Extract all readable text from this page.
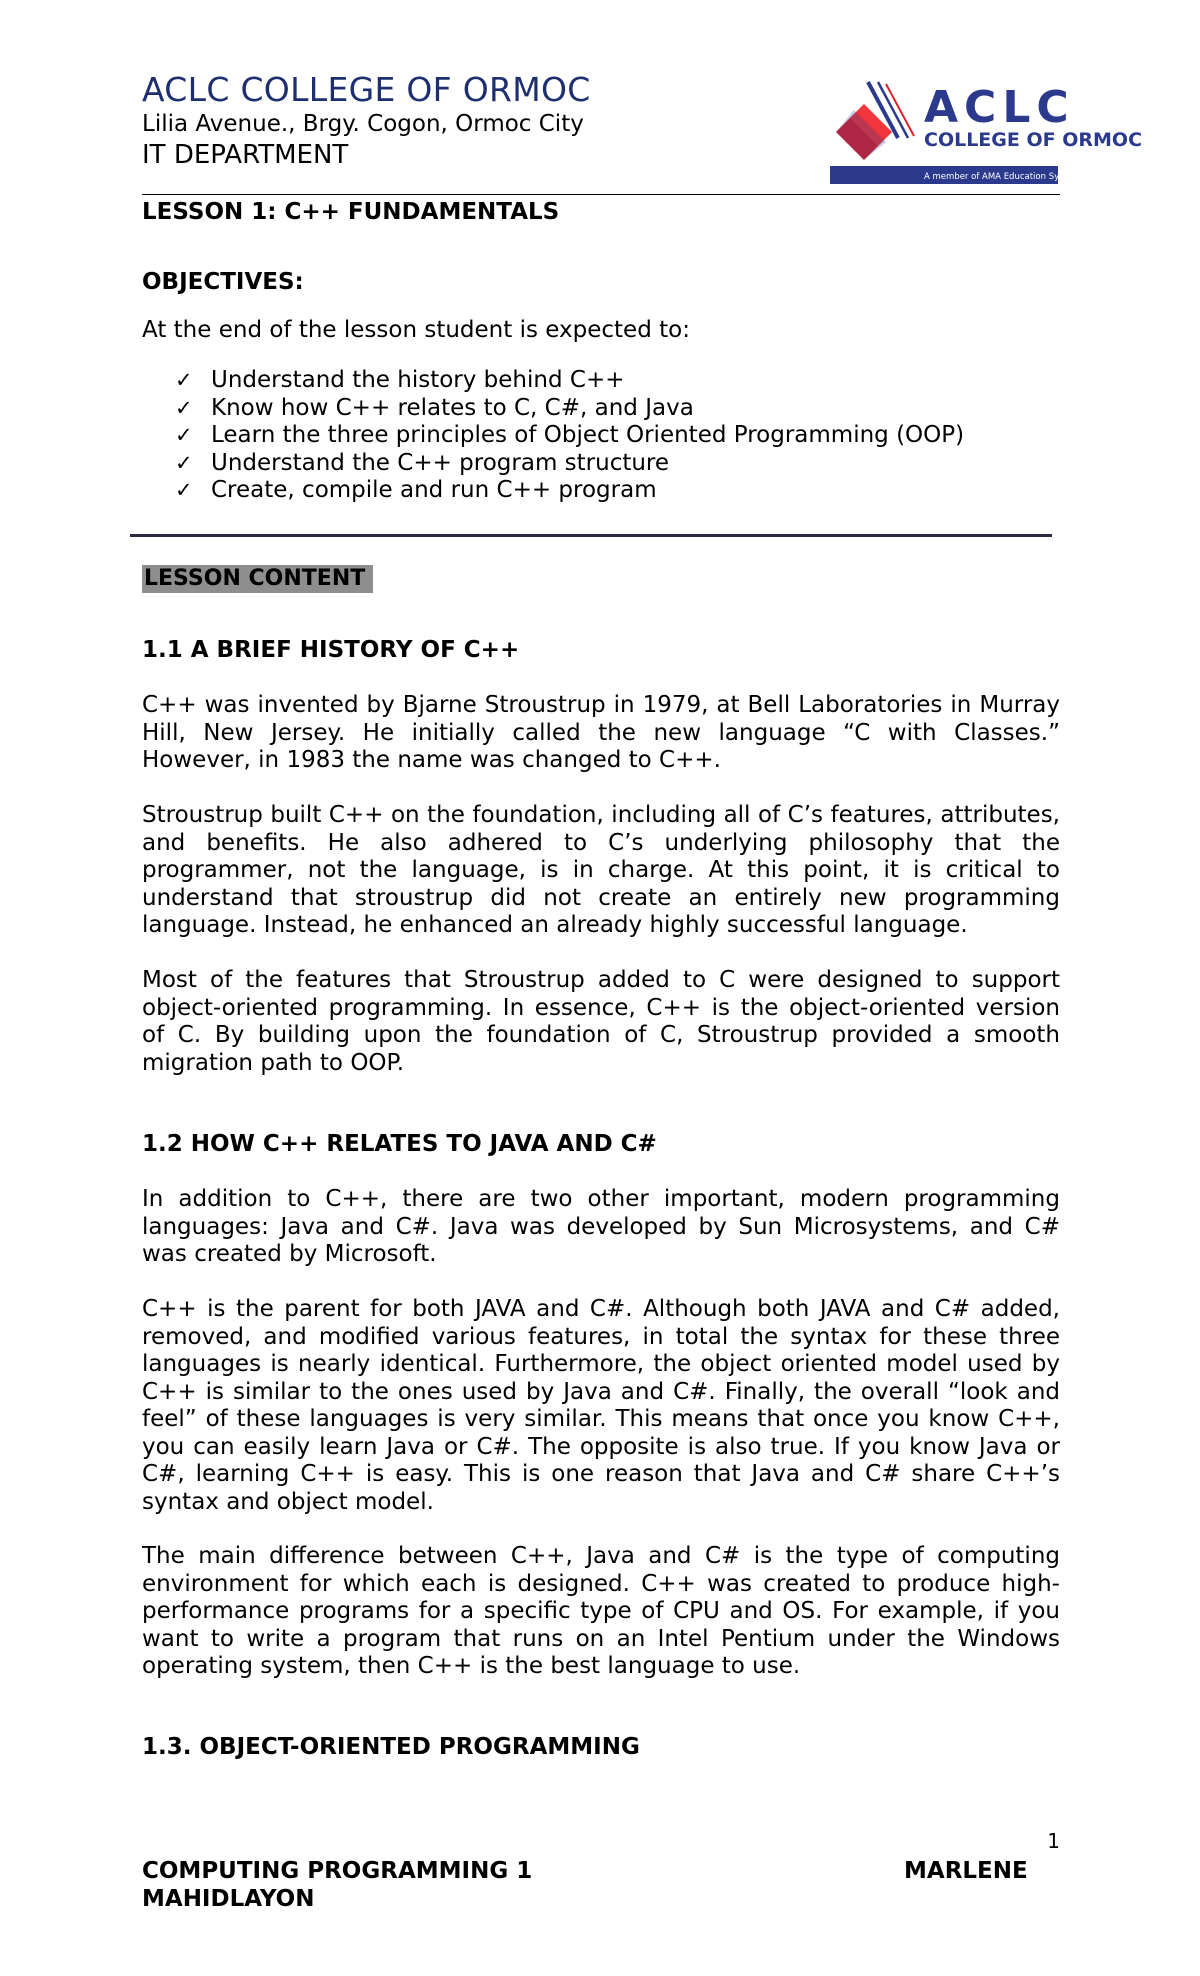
ACLC COLLEGE OF ORMOC
Lilia Avenue., Brgy. Cogon, Ormoc City
IT DEPARTMENT
ACLC
COLLEGE OF ORMOC
A member of AMA Education System
LESSON 1: C++ FUNDAMENTALS
OBJECTIVES:
At the end of the lesson student is expected to:
✓ Understand the history behind C++
✓ Know how C++ relates to C, C#, and Java
✓ Learn the three principles of Object Oriented Programming (OOP)
✓ Understand the C++ program structure
✓ Create, compile and run C++ program
LESSON CONTENT
1.1 A BRIEF HISTORY OF C++
C++ was invented by Bjarne Stroustrup in 1979, at Bell Laboratories in Murray Hill, New Jersey. He initially called the new language “C with Classes.” However, in 1983 the name was changed to C++.
Stroustrup built C++ on the foundation, including all of C’s features, attributes, and benefits. He also adhered to C’s underlying philosophy that the programmer, not the language, is in charge. At this point, it is critical to understand that stroustrup did not create an entirely new programming language. Instead, he enhanced an already highly successful language.
Most of the features that Stroustrup added to C were designed to support object-oriented programming. In essence, C++ is the object-oriented version of C. By building upon the foundation of C, Stroustrup provided a smooth migration path to OOP.
1.2 HOW C++ RELATES TO JAVA AND C#
In addition to C++, there are two other important, modern programming languages: Java and C#. Java was developed by Sun Microsystems, and C# was created by Microsoft.
C++ is the parent for both JAVA and C#. Although both JAVA and C# added, removed, and modified various features, in total the syntax for these three languages is nearly identical. Furthermore, the object oriented model used by C++ is similar to the ones used by Java and C#. Finally, the overall “look and feel” of these languages is very similar. This means that once you know C++, you can easily learn Java or C#. The opposite is also true. If you know Java or C#, learning C++ is easy. This is one reason that Java and C# share C++’s syntax and object model.
The main difference between C++, Java and C# is the type of computing environment for which each is designed. C++ was created to produce high-performance programs for a specific type of CPU and OS. For example, if you want to write a program that runs on an Intel Pentium under the Windows operating system, then C++ is the best language to use.
1.3. OBJECT-ORIENTED PROGRAMMING
1
COMPUTING PROGRAMMING 1	MARLENE
MAHIDLAYON
